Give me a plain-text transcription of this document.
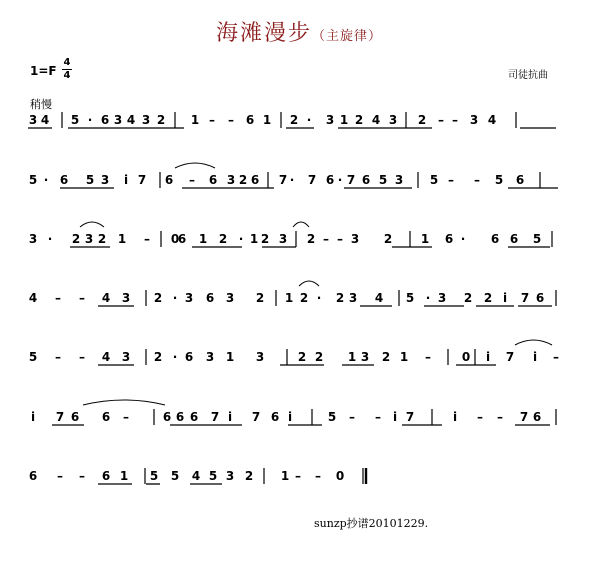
海滩漫步（主旋律）
1=F
4
4	司徒抗曲
稍慢
3 4 | 5 · 6 3 4 3 2 | 1 – – 6 1 | 2 · 3 1 2 4 3 | 2 – – 3 4 |
5 · 6 5 3 i 7 | 6 – 6 3 2 6 | 7 · 7 6 · 7 6 5 3 | 5 – – 5 6 |
3 · 2 3 2 1 – | 0
6 1 2 · 1 2 3 | 2 – – 3 2 | 1 6 · 6 6 5 |
4 – – 4 3 | 2 · 3 6 3 2 | 1 2 · 2 3 4 | 5 · 3 2 2 i 7 6 |
5 – – 4 3 | 2 · 6 3 1 3 | 2 2 1 3 2 1 – | 0 i 7 i –
|
i 7 6 6 – | 6 6 6 7 i 7 6 i | 5 – – i 7 | i – – 7 6 |
6 – – 6 1 | 5 5 4 5 3 2 | 1 – – 0 ‖
sunzp抄谱20101229.
